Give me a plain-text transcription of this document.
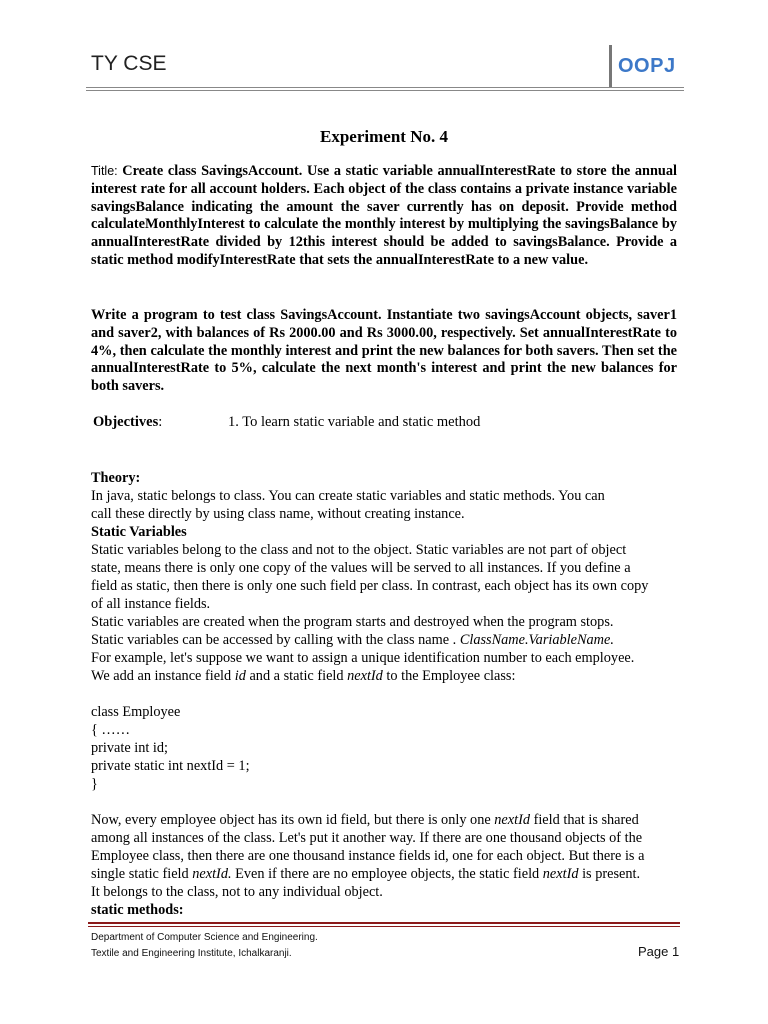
TY CSE	OOPJ
Experiment No. 4
Title: Create class SavingsAccount. Use a static variable annualInterestRate to store the annual interest rate for all account holders. Each object of the class contains a private instance variable savingsBalance indicating the amount the saver currently has on deposit. Provide method calculateMonthlyInterest to calculate the monthly interest by multiplying the savingsBalance by annualInterestRate divided by 12this interest should be added to savingsBalance. Provide a static method modifyInterestRate that sets the annualInterestRate to a new value.
Write a program to test class SavingsAccount. Instantiate two savingsAccount objects, saver1 and saver2, with balances of Rs 2000.00 and Rs 3000.00, respectively. Set annualInterestRate to 4%, then calculate the monthly interest and print the new balances for both savers. Then set the annualInterestRate to 5%, calculate the next month's interest and print the new balances for both savers.
Objectives:	1. To learn static variable and static method
Theory:
In java, static belongs to class. You can create static variables and static methods. You can
call these directly by using class name, without creating instance.
Static Variables
Static variables belong to the class and not to the object. Static variables are not part of object
state, means there is only one copy of the values will be served to all instances. If you define a
field as static, then there is only one such field per class. In contrast, each object has its own copy
of all instance fields.
Static variables are created when the program starts and destroyed when the program stops.
Static variables can be accessed by calling with the class name . ClassName.VariableName.
For example, let's suppose we want to assign a unique identification number to each employee.
We add an instance field id and a static field nextId to the Employee class:
class Employee
{ ……
private int id;
private static int nextId = 1;
}
Now, every employee object has its own id field, but there is only one nextId field that is shared
among all instances of the class. Let's put it another way. If there are one thousand objects of the
Employee class, then there are one thousand instance fields id, one for each object. But there is a
single static field nextId. Even if there are no employee objects, the static field nextId is present.
It belongs to the class, not to any individual object.
static methods:
Department of Computer Science and Engineering.
Textile and Engineering Institute, Ichalkaranji.	Page 1
